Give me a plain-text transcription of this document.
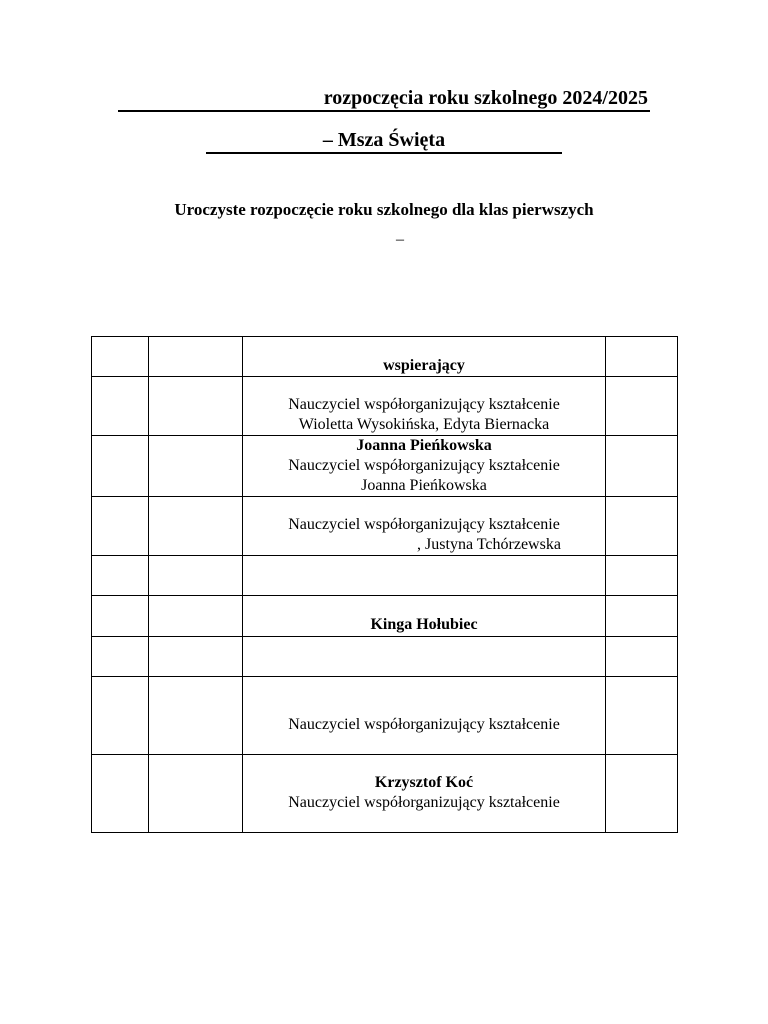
rozpoczęcia roku szkolnego 2024/2025
– Msza Święta
Uroczyste rozpoczęcie roku szkolnego dla klas pierwszych
–
		wspierający	

		Nauczyciel współorganizujący kształcenie
Wioletta Wysokińska, Edyta Biernacka	

		Joanna Pieńkowska
Nauczyciel współorganizujący kształcenie
Joanna Pieńkowska	

		Nauczyciel współorganizujący kształcenie
, Justyna Tchórzewska	

		Kinga Hołubiec	

		Nauczyciel współorganizujący kształcenie	

		Krzysztof Koć
Nauczyciel współorganizujący kształcenie	
